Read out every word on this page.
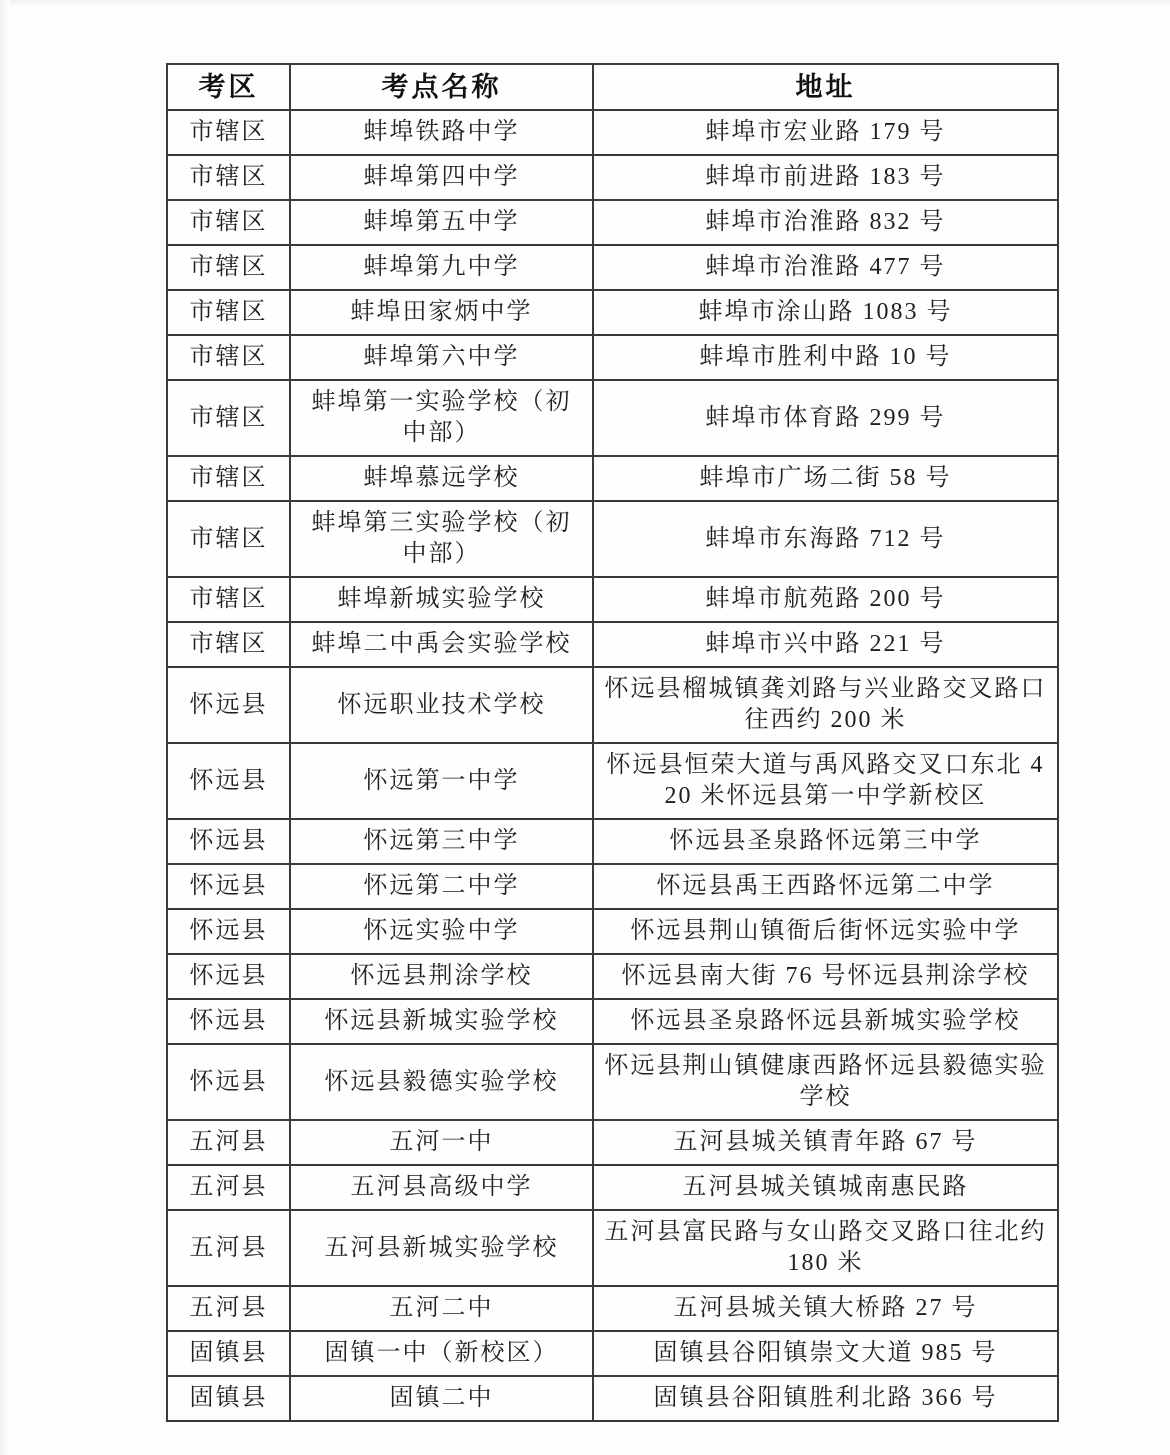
考区	考点名称	地址
市辖区	蚌埠铁路中学	蚌埠市宏业路 179 号
市辖区	蚌埠第四中学	蚌埠市前进路 183 号
市辖区	蚌埠第五中学	蚌埠市治淮路 832 号
市辖区	蚌埠第九中学	蚌埠市治淮路 477 号
市辖区	蚌埠田家炳中学	蚌埠市涂山路 1083 号
市辖区	蚌埠第六中学	蚌埠市胜利中路 10 号
市辖区	蚌埠第一实验学校（初中部）	蚌埠市体育路 299 号
市辖区	蚌埠慕远学校	蚌埠市广场二街 58 号
市辖区	蚌埠第三实验学校（初中部）	蚌埠市东海路 712 号
市辖区	蚌埠新城实验学校	蚌埠市航苑路 200 号
市辖区	蚌埠二中禹会实验学校	蚌埠市兴中路 221 号
怀远县	怀远职业技术学校	怀远县榴城镇龚刘路与兴业路交叉路口往西约 200 米
怀远县	怀远第一中学	怀远县恒荣大道与禹风路交叉口东北 420 米怀远县第一中学新校区
怀远县	怀远第三中学	怀远县圣泉路怀远第三中学
怀远县	怀远第二中学	怀远县禹王西路怀远第二中学
怀远县	怀远实验中学	怀远县荆山镇衙后街怀远实验中学
怀远县	怀远县荆涂学校	怀远县南大街 76 号怀远县荆涂学校
怀远县	怀远县新城实验学校	怀远县圣泉路怀远县新城实验学校
怀远县	怀远县毅德实验学校	怀远县荆山镇健康西路怀远县毅德实验学校
五河县	五河一中	五河县城关镇青年路 67 号
五河县	五河县高级中学	五河县城关镇城南惠民路
五河县	五河县新城实验学校	五河县富民路与女山路交叉路口往北约 180 米
五河县	五河二中	五河县城关镇大桥路 27 号
固镇县	固镇一中（新校区）	固镇县谷阳镇崇文大道 985 号
固镇县	固镇二中	固镇县谷阳镇胜利北路 366 号
